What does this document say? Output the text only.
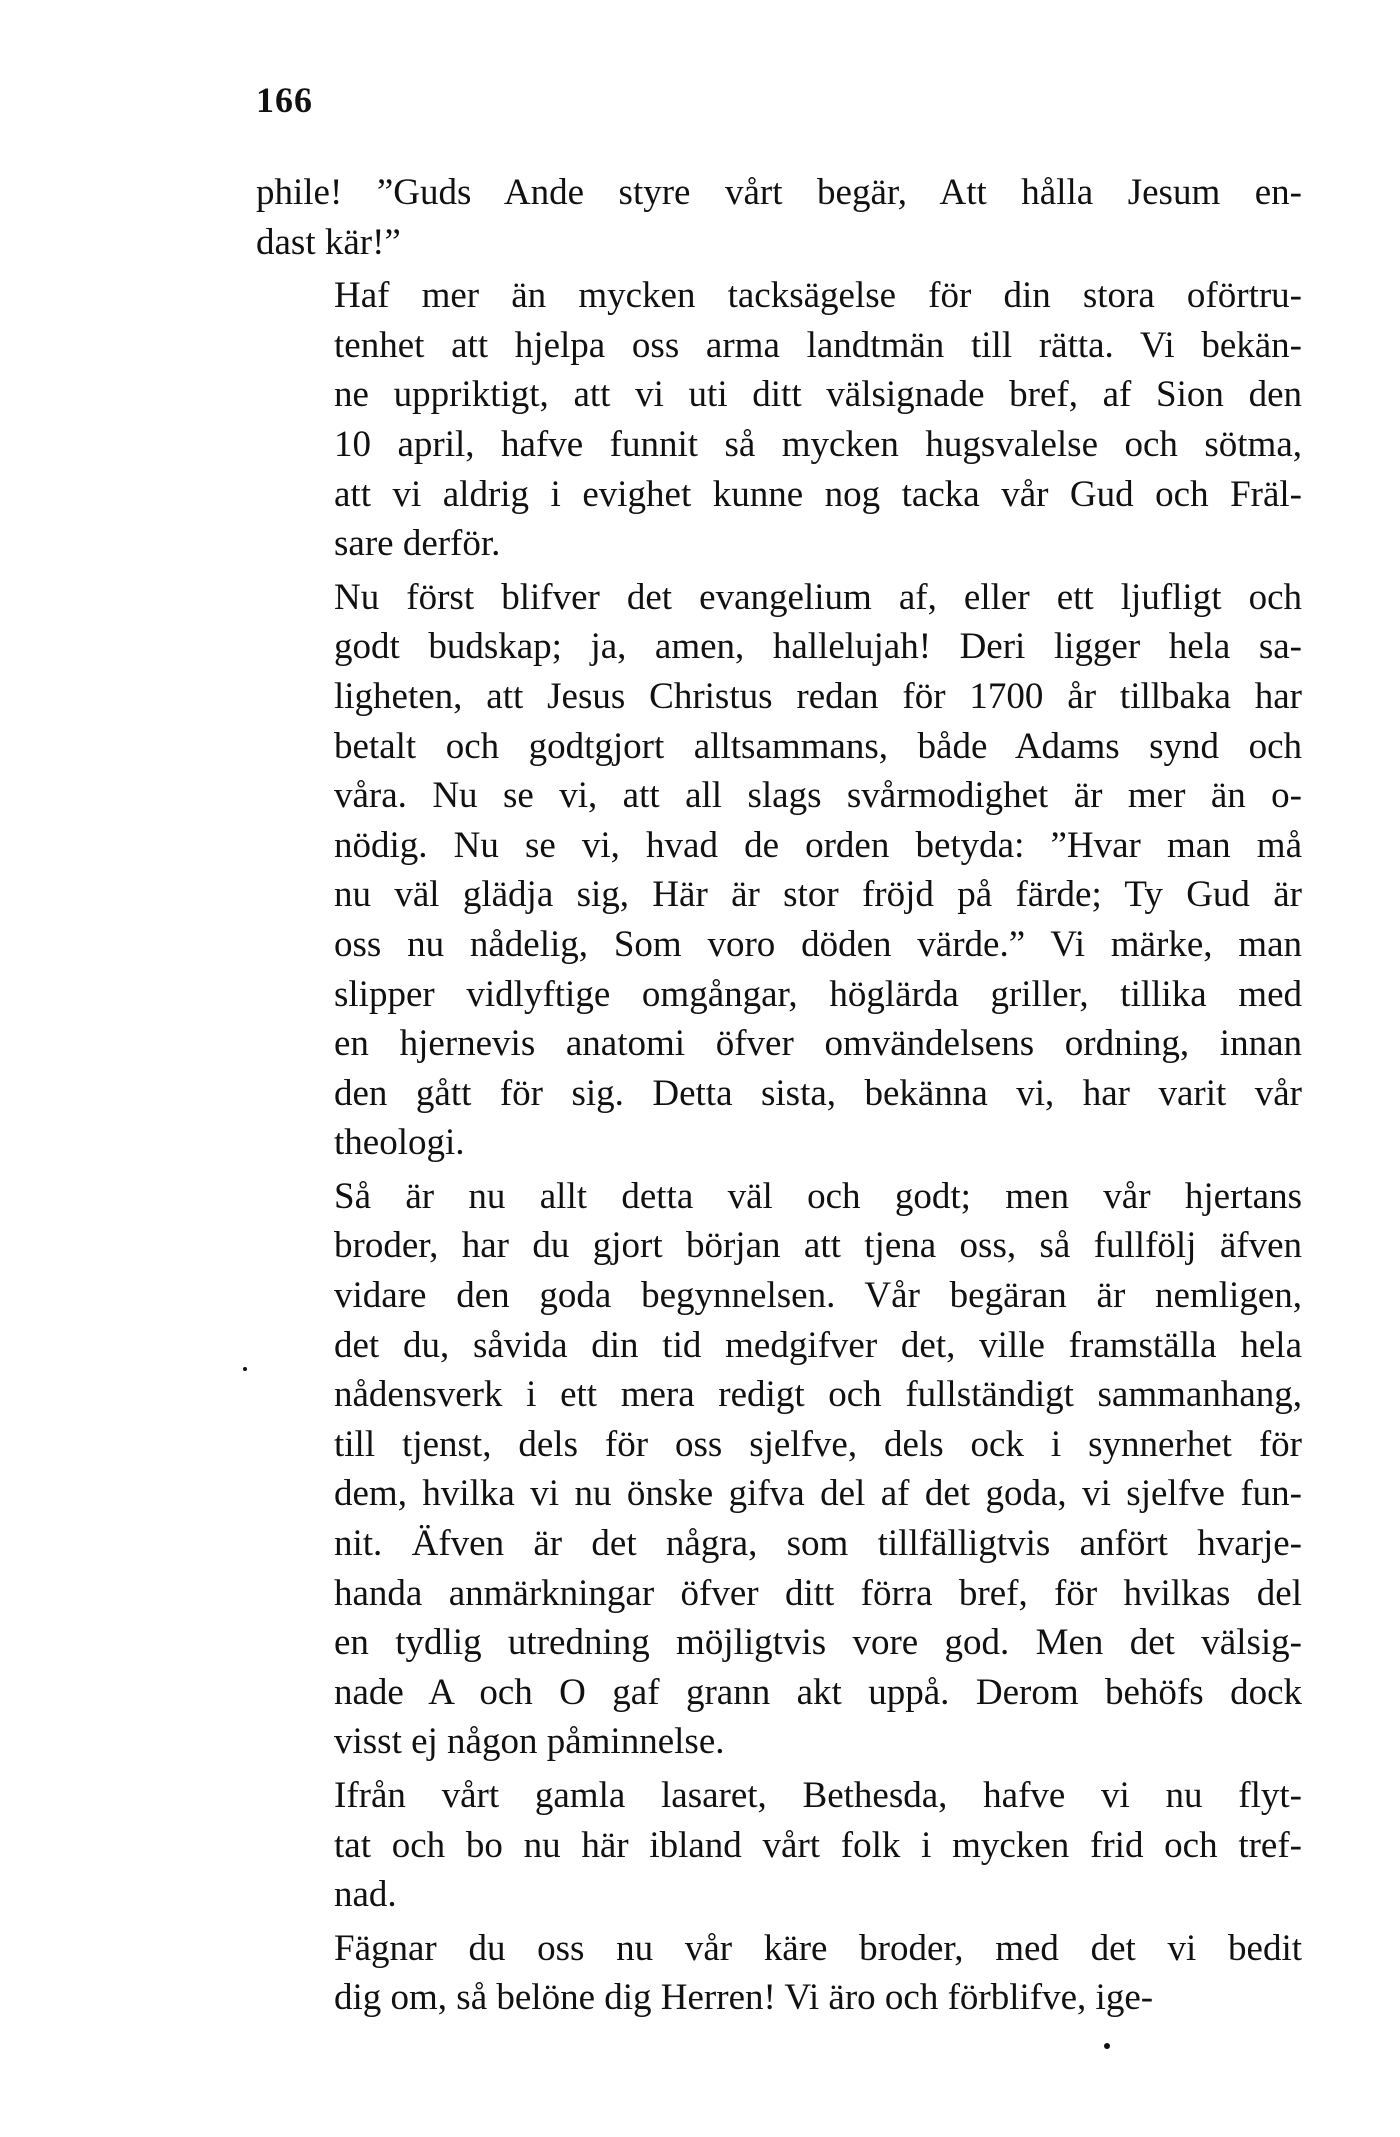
166
phile! ”Guds Ande styre vårt begär, Att hålla Jesum en-
dast kär!”
Haf mer än mycken tacksägelse för din stora oförtru-
tenhet att hjelpa oss arma landtmän till rätta. Vi bekän-
ne uppriktigt, att vi uti ditt välsignade bref, af Sion den
10 april, hafve funnit så mycken hugsvalelse och sötma,
att vi aldrig i evighet kunne nog tacka vår Gud och Fräl-
sare derför.
Nu först blifver det evangelium af, eller ett ljufligt och
godt budskap; ja, amen, hallelujah! Deri ligger hela sa-
ligheten, att Jesus Christus redan för 1700 år tillbaka har
betalt och godtgjort alltsammans, både Adams synd och
våra. Nu se vi, att all slags svårmodighet är mer än o-
nödig. Nu se vi, hvad de orden betyda: ”Hvar man må
nu väl glädja sig, Här är stor fröjd på färde; Ty Gud är
oss nu nådelig, Som voro döden värde.” Vi märke, man
slipper vidlyftige omgångar, höglärda griller, tillika med
en hjernevis anatomi öfver omvändelsens ordning, innan
den gått för sig. Detta sista, bekänna vi, har varit vår
theologi.
Så är nu allt detta väl och godt; men vår hjertans
broder, har du gjort början att tjena oss, så fullfölj äfven
vidare den goda begynnelsen. Vår begäran är nemligen,
det du, såvida din tid medgifver det, ville framställa hela
nådensverk i ett mera redigt och fullständigt sammanhang,
till tjenst, dels för oss sjelfve, dels ock i synnerhet för
dem, hvilka vi nu önske gifva del af det goda, vi sjelfve fun-
nit. Äfven är det några, som tillfälligtvis anfört hvarje-
handa anmärkningar öfver ditt förra bref, för hvilkas del
en tydlig utredning möjligtvis vore god. Men det välsig-
nade A och O gaf grann akt uppå. Derom behöfs dock
visst ej någon påminnelse.
Ifrån vårt gamla lasaret, Bethesda, hafve vi nu flyt-
tat och bo nu här ibland vårt folk i mycken frid och tref-
nad.
Fägnar du oss nu vår käre broder, med det vi bedit
dig om, så belöne dig Herren! Vi äro och förblifve, ige-
